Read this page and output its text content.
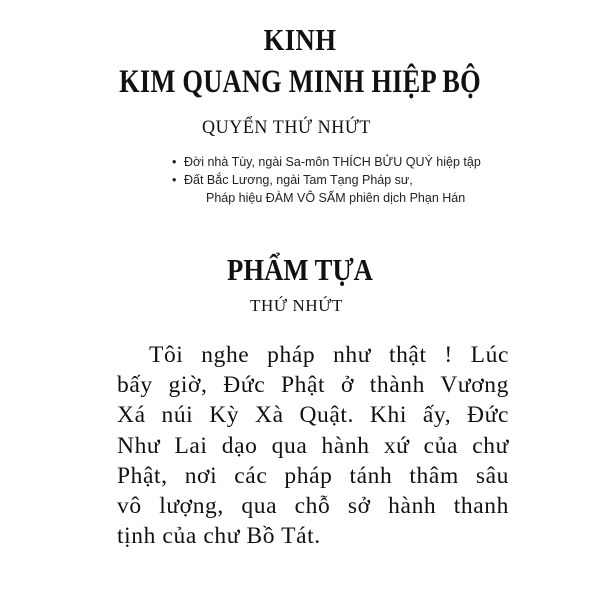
KINH
KIM QUANG MINH HIỆP BỘ
QUYỂN THỨ NHỨT
• Đời nhà Tùy, ngài Sa-môn THÍCH BỬU QUÝ hiệp tập
• Đất Bắc Lương, ngài Tam Tạng Pháp sư,
Pháp hiệu ĐÀM VÔ SẤM phiên dịch Phạn Hán
PHẨM TỰA
THỨ NHỨT
Tôi nghe pháp như thật ! Lúc
bấy giờ, Đức Phật ở thành Vương
Xá núi Kỳ Xà Quật. Khi ấy, Đức
Như Lai dạo qua hành xứ của chư
Phật, nơi các pháp tánh thâm sâu
vô lượng, qua chỗ sở hành thanh
tịnh của chư Bồ Tát.
